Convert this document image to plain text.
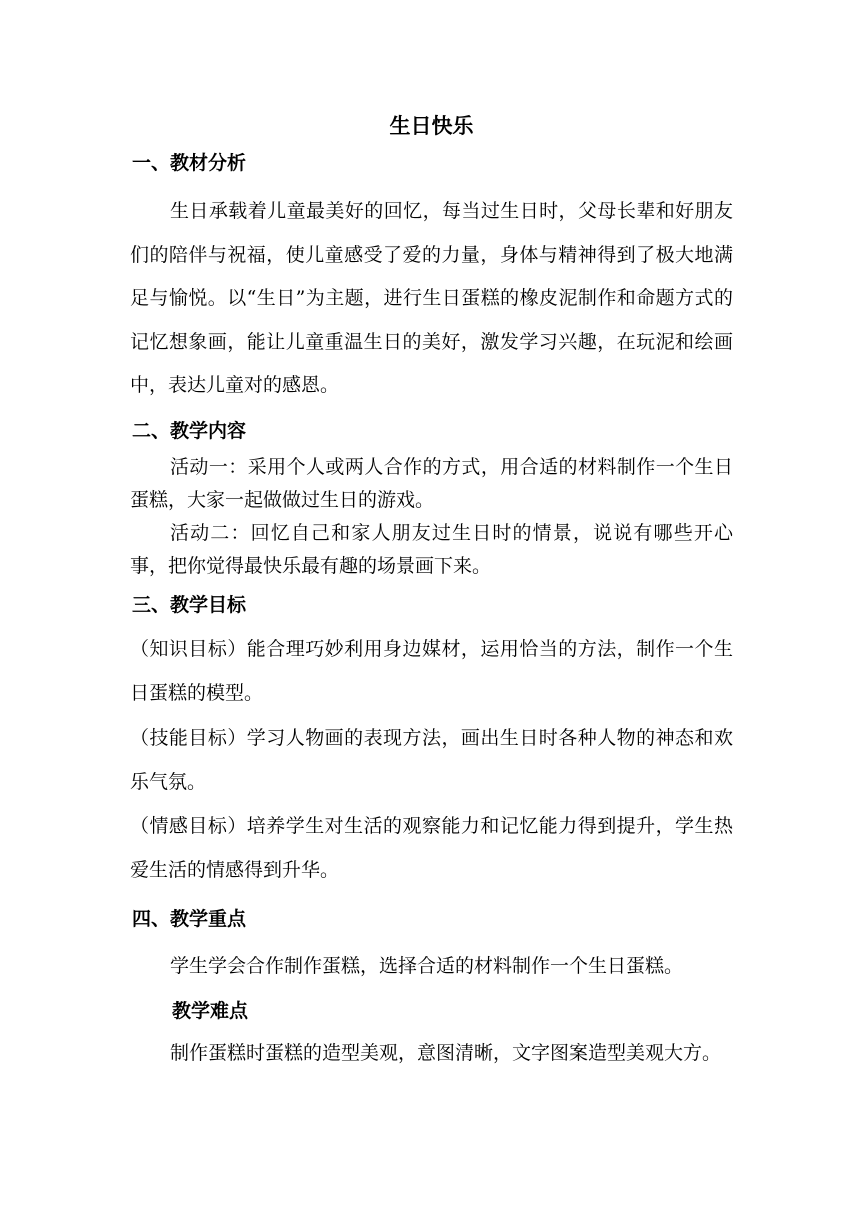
生日快乐
一、教材分析
生日承载着儿童最美好的回忆，每当过生日时，父母长辈和好朋友们的陪伴与祝福，使儿童感受了爱的力量，身体与精神得到了极大地满足与愉悦。以“生日”为主题，进行生日蛋糕的橡皮泥制作和命题方式的记忆想象画，能让儿童重温生日的美好，激发学习兴趣，在玩泥和绘画中，表达儿童对的感恩。
二、教学内容
活动一：采用个人或两人合作的方式，用合适的材料制作一个生日蛋糕，大家一起做做过生日的游戏。
活动二：回忆自己和家人朋友过生日时的情景，说说有哪些开心事，把你觉得最快乐最有趣的场景画下来。
三、教学目标
（知识目标）能合理巧妙利用身边媒材，运用恰当的方法，制作一个生日蛋糕的模型。
（技能目标）学习人物画的表现方法，画出生日时各种人物的神态和欢乐气氛。
（情感目标）培养学生对生活的观察能力和记忆能力得到提升，学生热爱生活的情感得到升华。
四、教学重点
学生学会合作制作蛋糕，选择合适的材料制作一个生日蛋糕。
教学难点
制作蛋糕时蛋糕的造型美观，意图清晰，文字图案造型美观大方。
